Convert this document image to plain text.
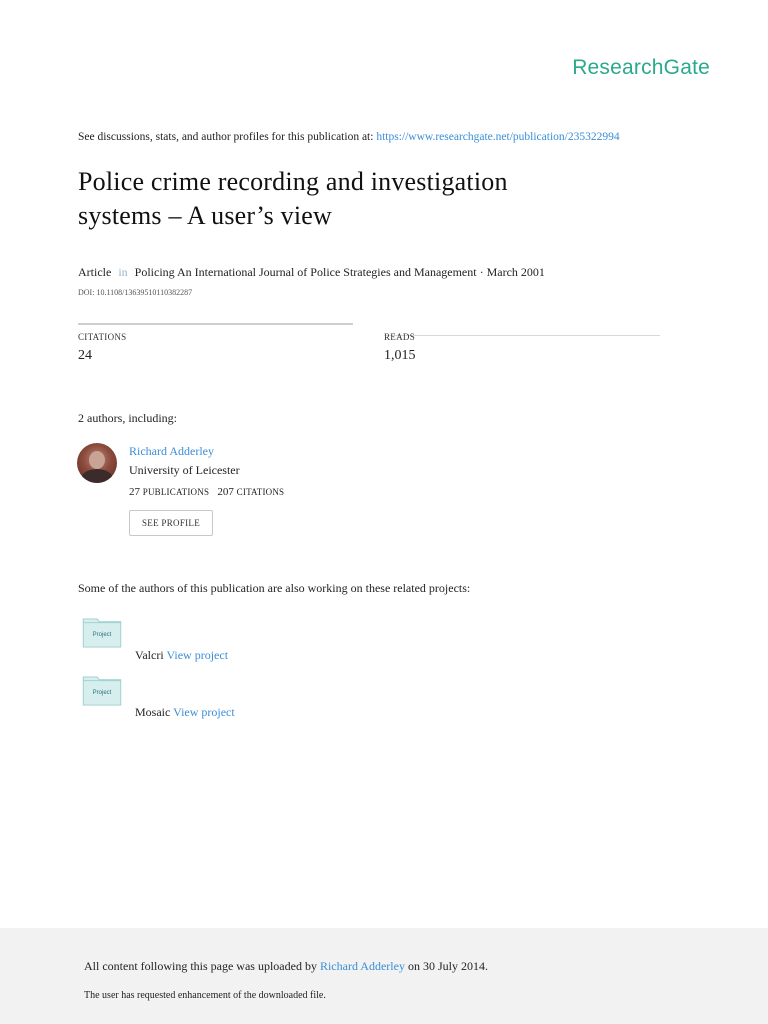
ResearchGate
See discussions, stats, and author profiles for this publication at: https://www.researchgate.net/publication/235322994
Police crime recording and investigation
systems – A user’s view
Article in Policing An International Journal of Police Strategies and Management · March 2001
DOI: 10.1108/13639510110382287
CITATIONS
24
READS
1,015
2 authors, including:
Richard Adderley
University of Leicester
27 PUBLICATIONS 207 CITATIONS
SEE PROFILE
Some of the authors of this publication are also working on these related projects:
Project
Valcri View project
Project
Mosaic View project
All content following this page was uploaded by Richard Adderley on 30 July 2014.
The user has requested enhancement of the downloaded file.
